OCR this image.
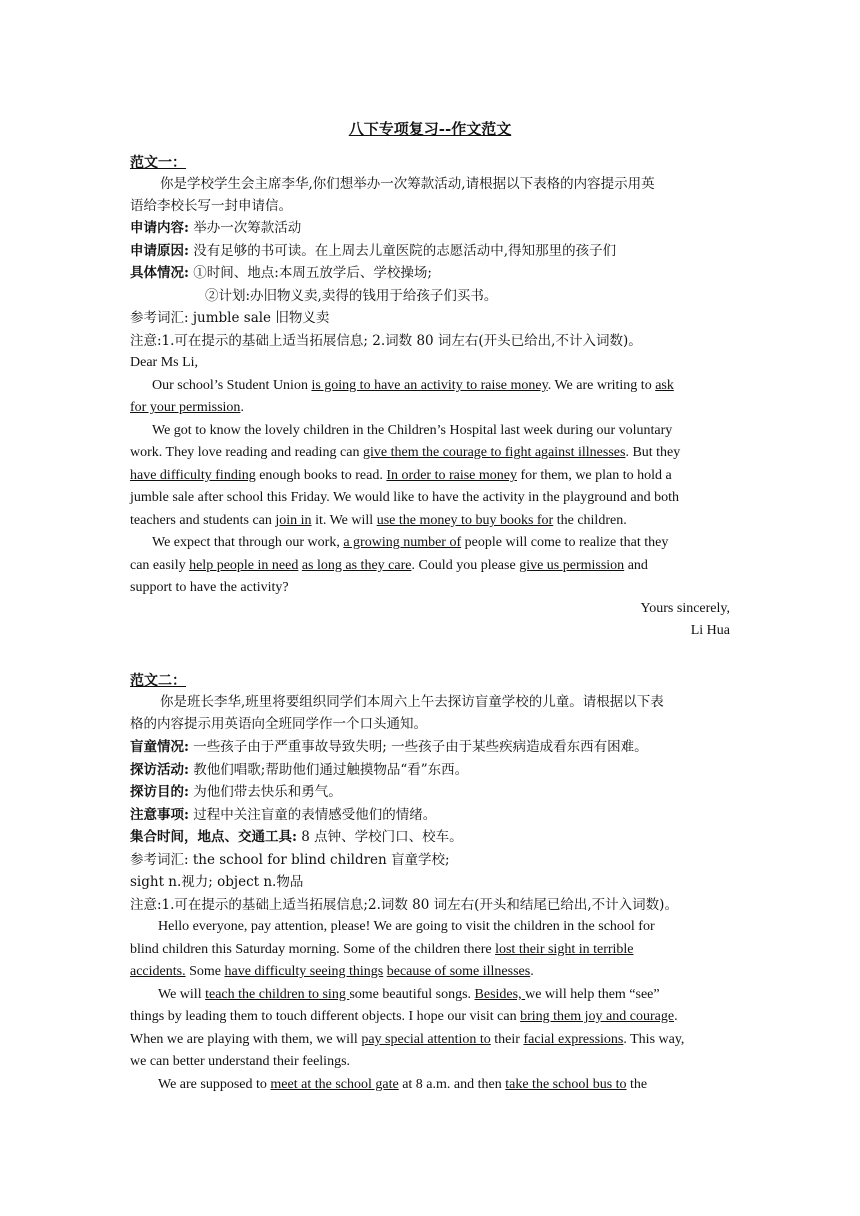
八下专项复习--作文范文
范文一：
你是学校学生会主席李华,你们想举办一次筹款活动,请根据以下表格的内容提示用英
语给李校长写一封申请信。
申请内容: 举办一次筹款活动
申请原因: 没有足够的书可读。在上周去儿童医院的志愿活动中,得知那里的孩子们
具体情况: ①时间、地点:本周五放学后、学校操场;
②计划:办旧物义卖,卖得的钱用于给孩子们买书。
参考词汇: jumble sale 旧物义卖
注意:1.可在提示的基础上适当拓展信息; 2.词数 80 词左右(开头已给出,不计入词数)。
Dear Ms Li,
Our school’s Student Union is going to have an activity to raise money. We are writing to ask
for your permission.
We got to know the lovely children in the Children’s Hospital last week during our voluntary
work. They love reading and reading can give them the courage to fight against illnesses. But they
have difficulty finding enough books to read. In order to raise money for them, we plan to hold a
jumble sale after school this Friday. We would like to have the activity in the playground and both
teachers and students can join in it. We will use the money to buy books for the children.
We expect that through our work, a growing number of people will come to realize that they
can easily help people in need as long as they care. Could you please give us permission and
support to have the activity?
Yours sincerely,
Li Hua
范文二：
你是班长李华,班里将要组织同学们本周六上午去探访盲童学校的儿童。请根据以下表
格的内容提示用英语向全班同学作一个口头通知。
盲童情况: 一些孩子由于严重事故导致失明; 一些孩子由于某些疾病造成看东西有困难。
探访活动: 教他们唱歌;帮助他们通过触摸物品“看”东西。
探访目的: 为他们带去快乐和勇气。
注意事项: 过程中关注盲童的表情感受他们的情绪。
集合时间，地点、交通工具: 8 点钟、学校门口、校车。
参考词汇: the school for blind children 盲童学校;
sight n.视力; object n.物品
注意:1.可在提示的基础上适当拓展信息;2.词数 80 词左右(开头和结尾已给出,不计入词数)。
Hello everyone, pay attention, please! We are going to visit the children in the school for
blind children this Saturday morning. Some of the children there lost their sight in terrible
accidents. Some have difficulty seeing things because of some illnesses.
We will teach the children to sing some beautiful songs. Besides, we will help them “see”
things by leading them to touch different objects. I hope our visit can bring them joy and courage.
When we are playing with them, we will pay special attention to their facial expressions. This way,
we can better understand their feelings.
We are supposed to meet at the school gate at 8 a.m. and then take the school bus to the
